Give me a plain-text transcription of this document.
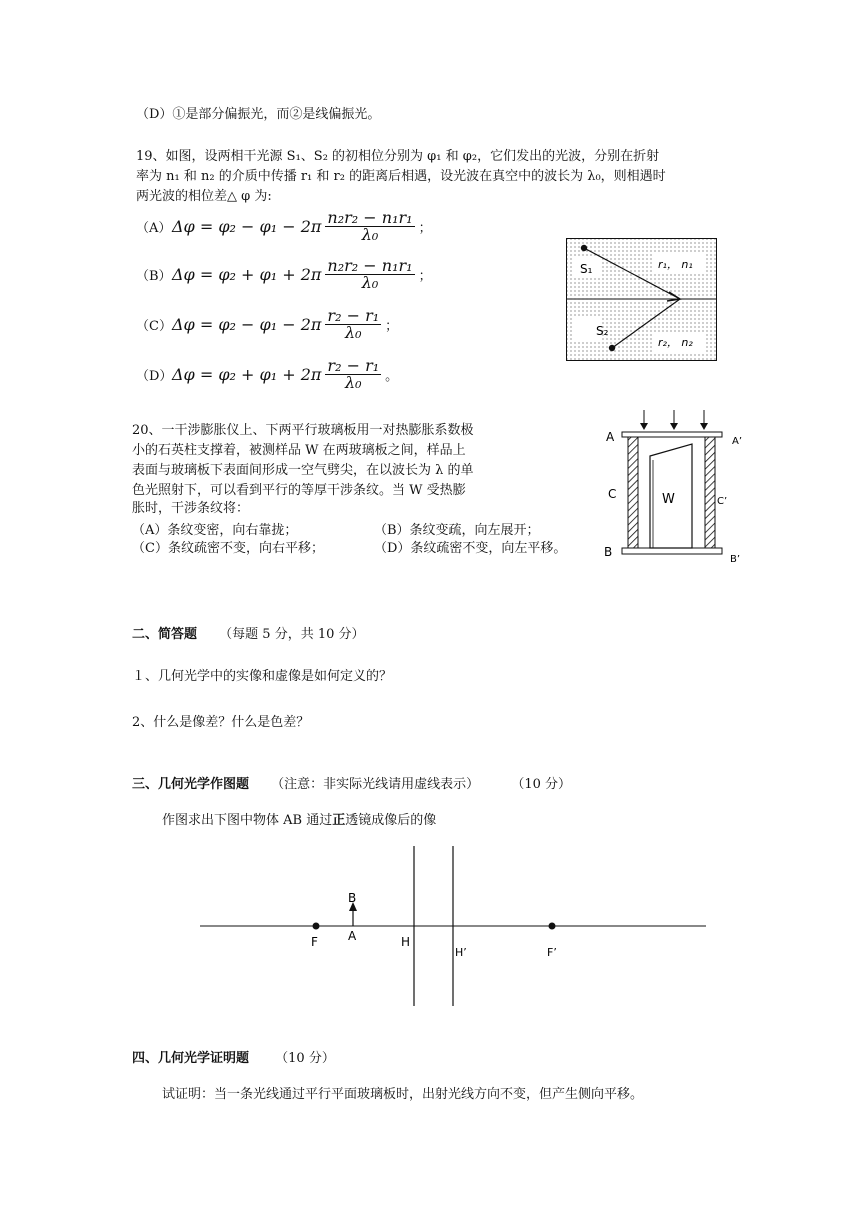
（D）①是部分偏振光，而②是线偏振光。
19、如图，设两相干光源 S₁、S₂ 的初相位分别为 φ₁ 和 φ₂，它们发出的光波，分别在折射
率为 n₁ 和 n₂ 的介质中传播 r₁ 和 r₂ 的距离后相遇，设光波在真空中的波长为 λ₀，则相遇时
两光波的相位差△ φ 为:
（A） $\Delta\varphi = \varphi_2 - \varphi_1 - 2\pi \frac{\text{n₂r₂ − n₁r₁}}{\text{λ₀}}$ ；
（B） $\Delta\varphi = \varphi_2 + \varphi_1 + 2\pi \frac{\text{n₂r₂ − n₁r₁}}{\text{λ₀}}$ ；
（C） $\Delta\varphi = \varphi_2 - \varphi_1 - 2\pi \frac{\text{r₂ − r₁}}{\text{λ₀}}$ ；
（D） $\Delta\varphi = \varphi_2 + \varphi_1 + 2\pi \frac{\text{r₂ − r₁}}{\text{λ₀}}$ 。
S₁
S₂
r₁， n₁
r₂， n₂
20、一干涉膨胀仪上、下两平行玻璃板用一对热膨胀系数极
小的石英柱支撑着，被测样品 W 在两玻璃板之间，样品上
表面与玻璃板下表面间形成一空气劈尖，在以波长为 λ 的单
色光照射下，可以看到平行的等厚干涉条纹。当 W 受热膨
胀时，干涉条纹将：
（A）条纹变密，向右靠拢；	（B）条纹变疏，向左展开；
（C）条纹疏密不变，向右平移；	（D）条纹疏密不变，向左平移。
A	A’
C
C’
B
B’
W
二、简答题 （每题 5 分，共 10 分）
１、几何光学中的实像和虚像是如何定义的？
2、什么是像差？什么是色差？
三、几何光学作图题 （注意：非实际光线请用虚线表示） （10 分）
作图求出下图中物体 AB 通过正透镜成像后的像
B
A
F	H
H’	F’
四、几何光学证明题 （10 分）
试证明：当一条光线通过平行平面玻璃板时，出射光线方向不变，但产生侧向平移。
